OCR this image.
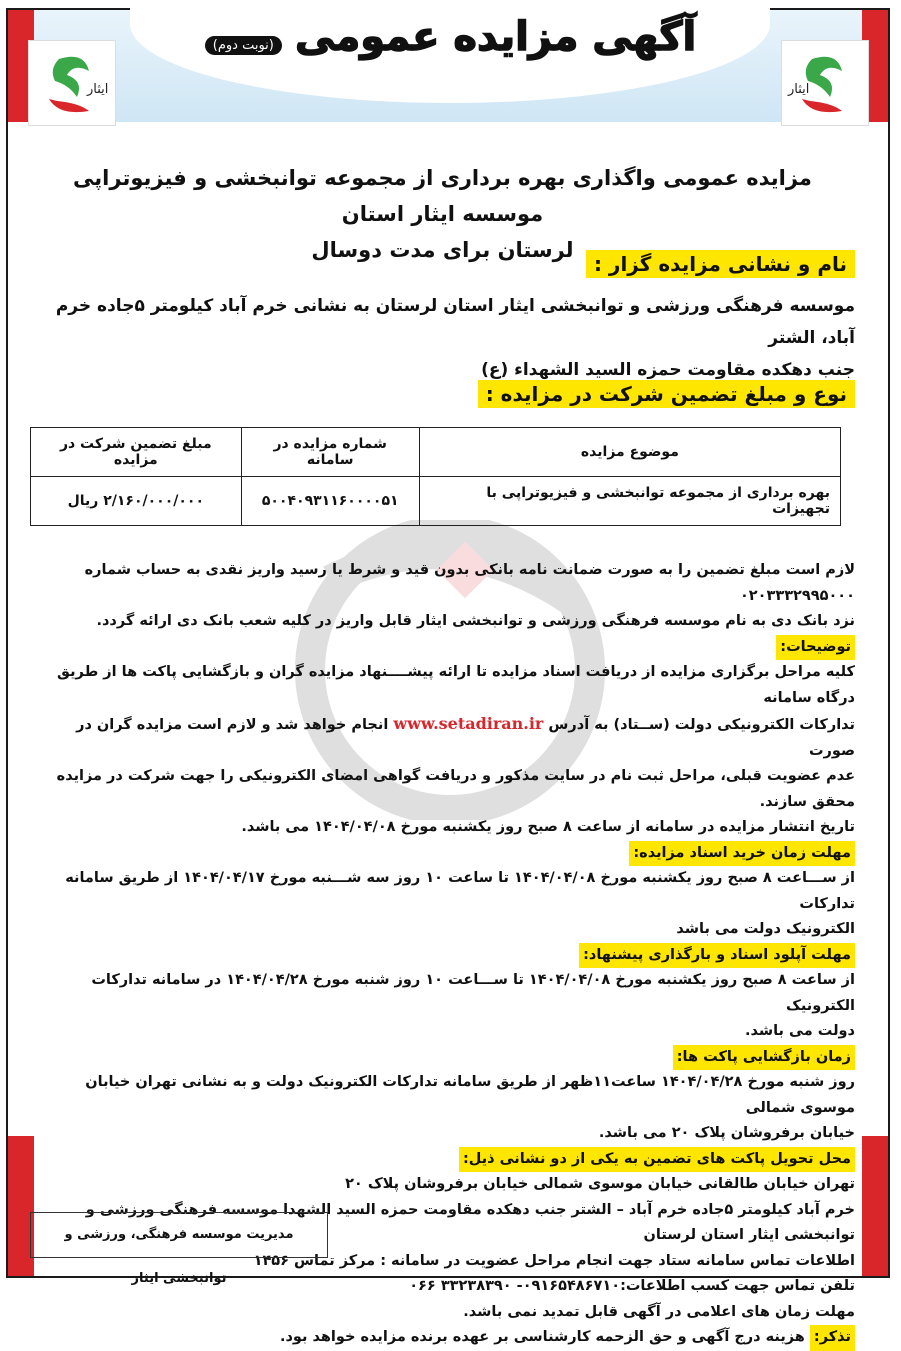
آگهی مزایده عمومی (نوبت دوم)
ایثار	ایثار
مزایده عمومی واگذاری بهره برداری از مجموعه توانبخشی و فیزیوتراپی موسسه ایثار استان
لرستان برای مدت دوسال
نام و نشانی مزایده گزار :
موسسه فرهنگی ورزشی و توانبخشی ایثار استان لرستان به نشانی خرم آباد کیلومتر ۵جاده خرم آباد، الشتر
جنب دهکده مقاومت حمزه السید الشهداء (ع)
نوع و مبلغ تضمین شرکت در مزایده :
موضوع مزایده	شماره مزایده در سامانه	مبلغ تضمین شرکت در مزایده
بهره برداری از مجموعه توانبخشی و فیزیوتراپی با تجهیزات	۵۰۰۴۰۹۳۱۱۶۰۰۰۰۵۱	۲/۱۶۰/۰۰۰/۰۰۰ ریال

لازم است مبلغ تضمین را به صورت ضمانت نامه بانکی بدون قید و شرط یا رسید واریز نقدی به حساب شماره ۰۲۰۳۳۳۲۹۹۵۰۰۰

نزد بانک دی به نام موسسه فرهنگی ورزشی و توانبخشی ایثار قابل واریز در کلیه شعب بانک دی ارائه گردد.

توضیحات:

کلیه مراحل برگزاری مزایده از دریافت اسناد مزایده تا ارائه پیشــــنهاد مزایده گران و بازگشایی پاکت ها از طریق درگاه سامانه

تدارکات الکترونیکی دولت (ســتاد) به آدرس www.setadiran.ir انجام خواهد شد و لازم است مزایده گران در صورت

عدم عضویت قبلی، مراحل ثبت نام در سایت مذکور و دریافت گواهی امضای الکترونیکی را جهت شرکت در مزایده محقق سازند.

تاریخ انتشار مزایده در سامانه از ساعت ۸ صبح روز یکشنبه مورخ ۱۴۰۴/۰۴/۰۸ می باشد.

مهلت زمان خرید اسناد مزایده:

از ســـاعت ۸ صبح روز یکشنبه مورخ ۱۴۰۴/۰۴/۰۸ تا ساعت ۱۰ روز سه شـــنبه مورخ ۱۴۰۴/۰۴/۱۷ از طریق سامانه تدارکات

الکترونیک دولت می باشد

مهلت آپلود اسناد و بارگذاری پیشنهاد:

از ساعت ۸ صبح روز یکشنبه مورخ ۱۴۰۴/۰۴/۰۸ تا ســـاعت ۱۰ روز شنبه مورخ ۱۴۰۴/۰۴/۲۸ در سامانه تدارکات الکترونیک

دولت می باشد.

زمان بازگشایی پاکت ها:

روز شنبه مورخ ۱۴۰۴/۰۴/۲۸ ساعت۱۱ظهر از طریق سامانه تدارکات الکترونیک دولت و به نشانی تهران خیابان موسوی شمالی

خیابان برفروشان پلاک ۲۰ می باشد.

محل تحویل پاکت های تضمین به یکی از دو نشانی ذیل:

تهران خیابان طالقانی خیابان موسوی شمالی خیابان برفروشان پلاک ۲۰

خرم آباد کیلومتر ۵جاده خرم آباد – الشتر جنب دهکده مقاومت حمزه السید الشهدا موسسه فرهنگی ورزشی و توانبخشی ایثار استان لرستان

اطلاعات تماس سامانه ستاد جهت انجام مراحل عضویت در سامانه : مرکز تماس ۱۴۵۶

تلفن تماس جهت کسب اطلاعات:۰۹۱۶۵۴۸۶۷۱۰- ۳۳۲۳۸۳۹۰ ۰۶۶

مهلت زمان های اعلامی در آگهی قابل تمدید نمی باشد.

تذکر: هزینه درج آگهی و حق الزحمه کارشناسی بر عهده برنده مزایده خواهد بود.

مدیریت موسسه فرهنگی، ورزشی و توانبخشی ایثار
